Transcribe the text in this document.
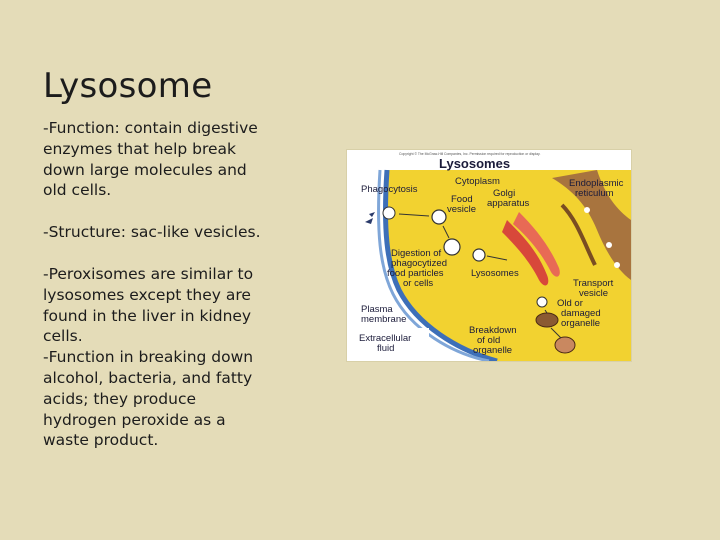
Lysosome

-Function: contain digestive enzymes that help break down large molecules and old cells.

-Structure: sac-like vesicles.

-Peroxisomes are similar to lysosomes except they are found in the liver in kidney cells.

-Function in breaking down alcohol, bacteria, and fatty acids; they produce hydrogen peroxide as a waste product.

Copyright © The McGraw-Hill Companies, Inc. Permission required for reproduction or display.
Lysosomes
Phagocytosis
Cytoplasm
Golgi
apparatus
Food
vesicle
Endoplasmic
reticulum
Digestion of
phagocytized
food particles
or cells
Lysosomes
Transport
vesicle
Plasma
membrane
Old or
damaged
organelle
Breakdown
of old
organelle
Extracellular
fluid
